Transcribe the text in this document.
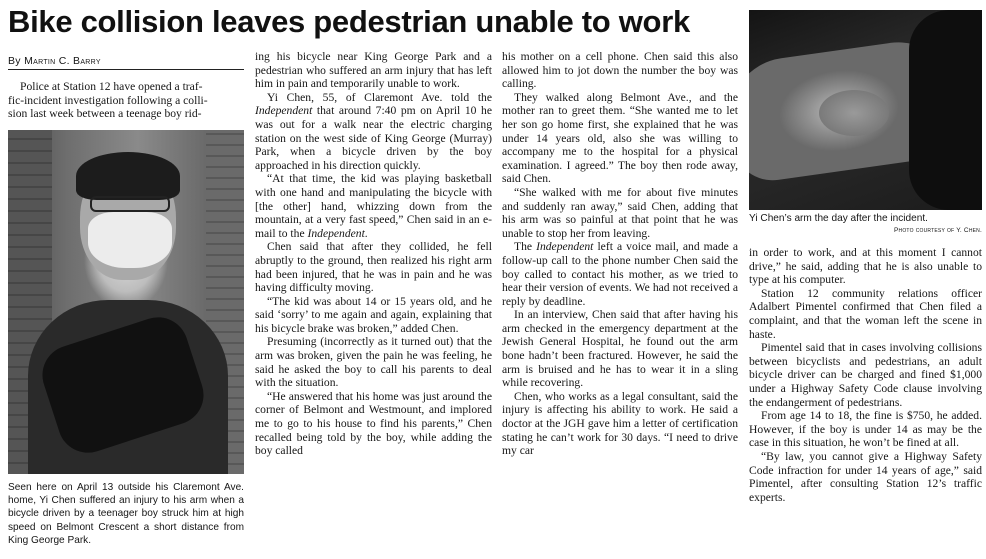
Bike collision leaves pedestrian unable to work
By Martin C. Barry

Police at Station 12 have opened a traf-

fic-incident investigation following a colli-

sion last week between a teenage boy rid-

Seen here on April 13 outside his Claremont Ave. home, Yi Chen suffered an injury to his arm when a bicycle driven by a teenager boy struck him at high speed on Belmont Crescent a short distance from King George Park.

ing his bicycle near King George Park and a pedestrian who suffered an arm injury that has left him in pain and temporarily unable to work.

Yi Chen, 55, of Claremont Ave. told the Independent that around 7:40 pm on April 10 he was out for a walk near the electric charging station on the west side of King George (Murray) Park, when a bicycle driven by the boy approached in his direction quickly.

“At that time, the kid was playing basketball with one hand and manipulating the bicycle with [the other] hand, whizzing down from the mountain, at a very fast speed,” Chen said in an e-mail to the Independent.

Chen said that after they collided, he fell abruptly to the ground, then realized his right arm had been injured, that he was in pain and he was having difficulty moving.

“The kid was about 14 or 15 years old, and he said ‘sorry’ to me again and again, explaining that his bicycle brake was broken,” added Chen.

Presuming (incorrectly as it turned out) that the arm was broken, given the pain he was feeling, he said he asked the boy to call his parents to deal with the situation.

“He answered that his home was just around the corner of Belmont and Westmount, and implored me to go to his house to find his parents,” Chen recalled being told by the boy, while adding the boy called

his mother on a cell phone. Chen said this also allowed him to jot down the number the boy was calling.

They walked along Belmont Ave., and the mother ran to greet them. “She wanted me to let her son go home first, she explained that he was under 14 years old, also she was willing to accompany me to the hospital for a physical examination. I agreed.” The boy then rode away, said Chen.

“She walked with me for about five minutes and suddenly ran away,” said Chen, adding that his arm was so painful at that point that he was unable to stop her from leaving.

The Independent left a voice mail, and made a follow-up call to the phone number Chen said the boy called to contact his mother, as we tried to hear their version of events. We had not received a reply by deadline.

In an interview, Chen said that after having his arm checked in the emergency department at the Jewish General Hospital, he found out the arm bone hadn’t been fractured. However, he said the arm is bruised and he has to wear it in a sling while recovering.

Chen, who works as a legal consultant, said the injury is affecting his ability to work. He said a doctor at the JGH gave him a letter of certification stating he can’t work for 30 days. “I need to drive my car

Yi Chen’s arm the day after the incident.
Photo courtesy of Y. Chen.

in order to work, and at this moment I cannot drive,” he said, adding that he is also unable to type at his computer.

Station 12 community relations officer Adalbert Pimentel confirmed that Chen filed a complaint, and that the woman left the scene in haste.

Pimentel said that in cases involving collisions between bicyclists and pedestrians, an adult bicycle driver can be charged and fined $1,000 under a Highway Safety Code clause involving the endangerment of pedestrians.

From age 14 to 18, the fine is $750, he added. However, if the boy is under 14 as may be the case in this situation, he won’t be fined at all.

“By law, you cannot give a Highway Safety Code infraction for under 14 years of age,” said Pimentel, after consulting Station 12’s traffic experts.
